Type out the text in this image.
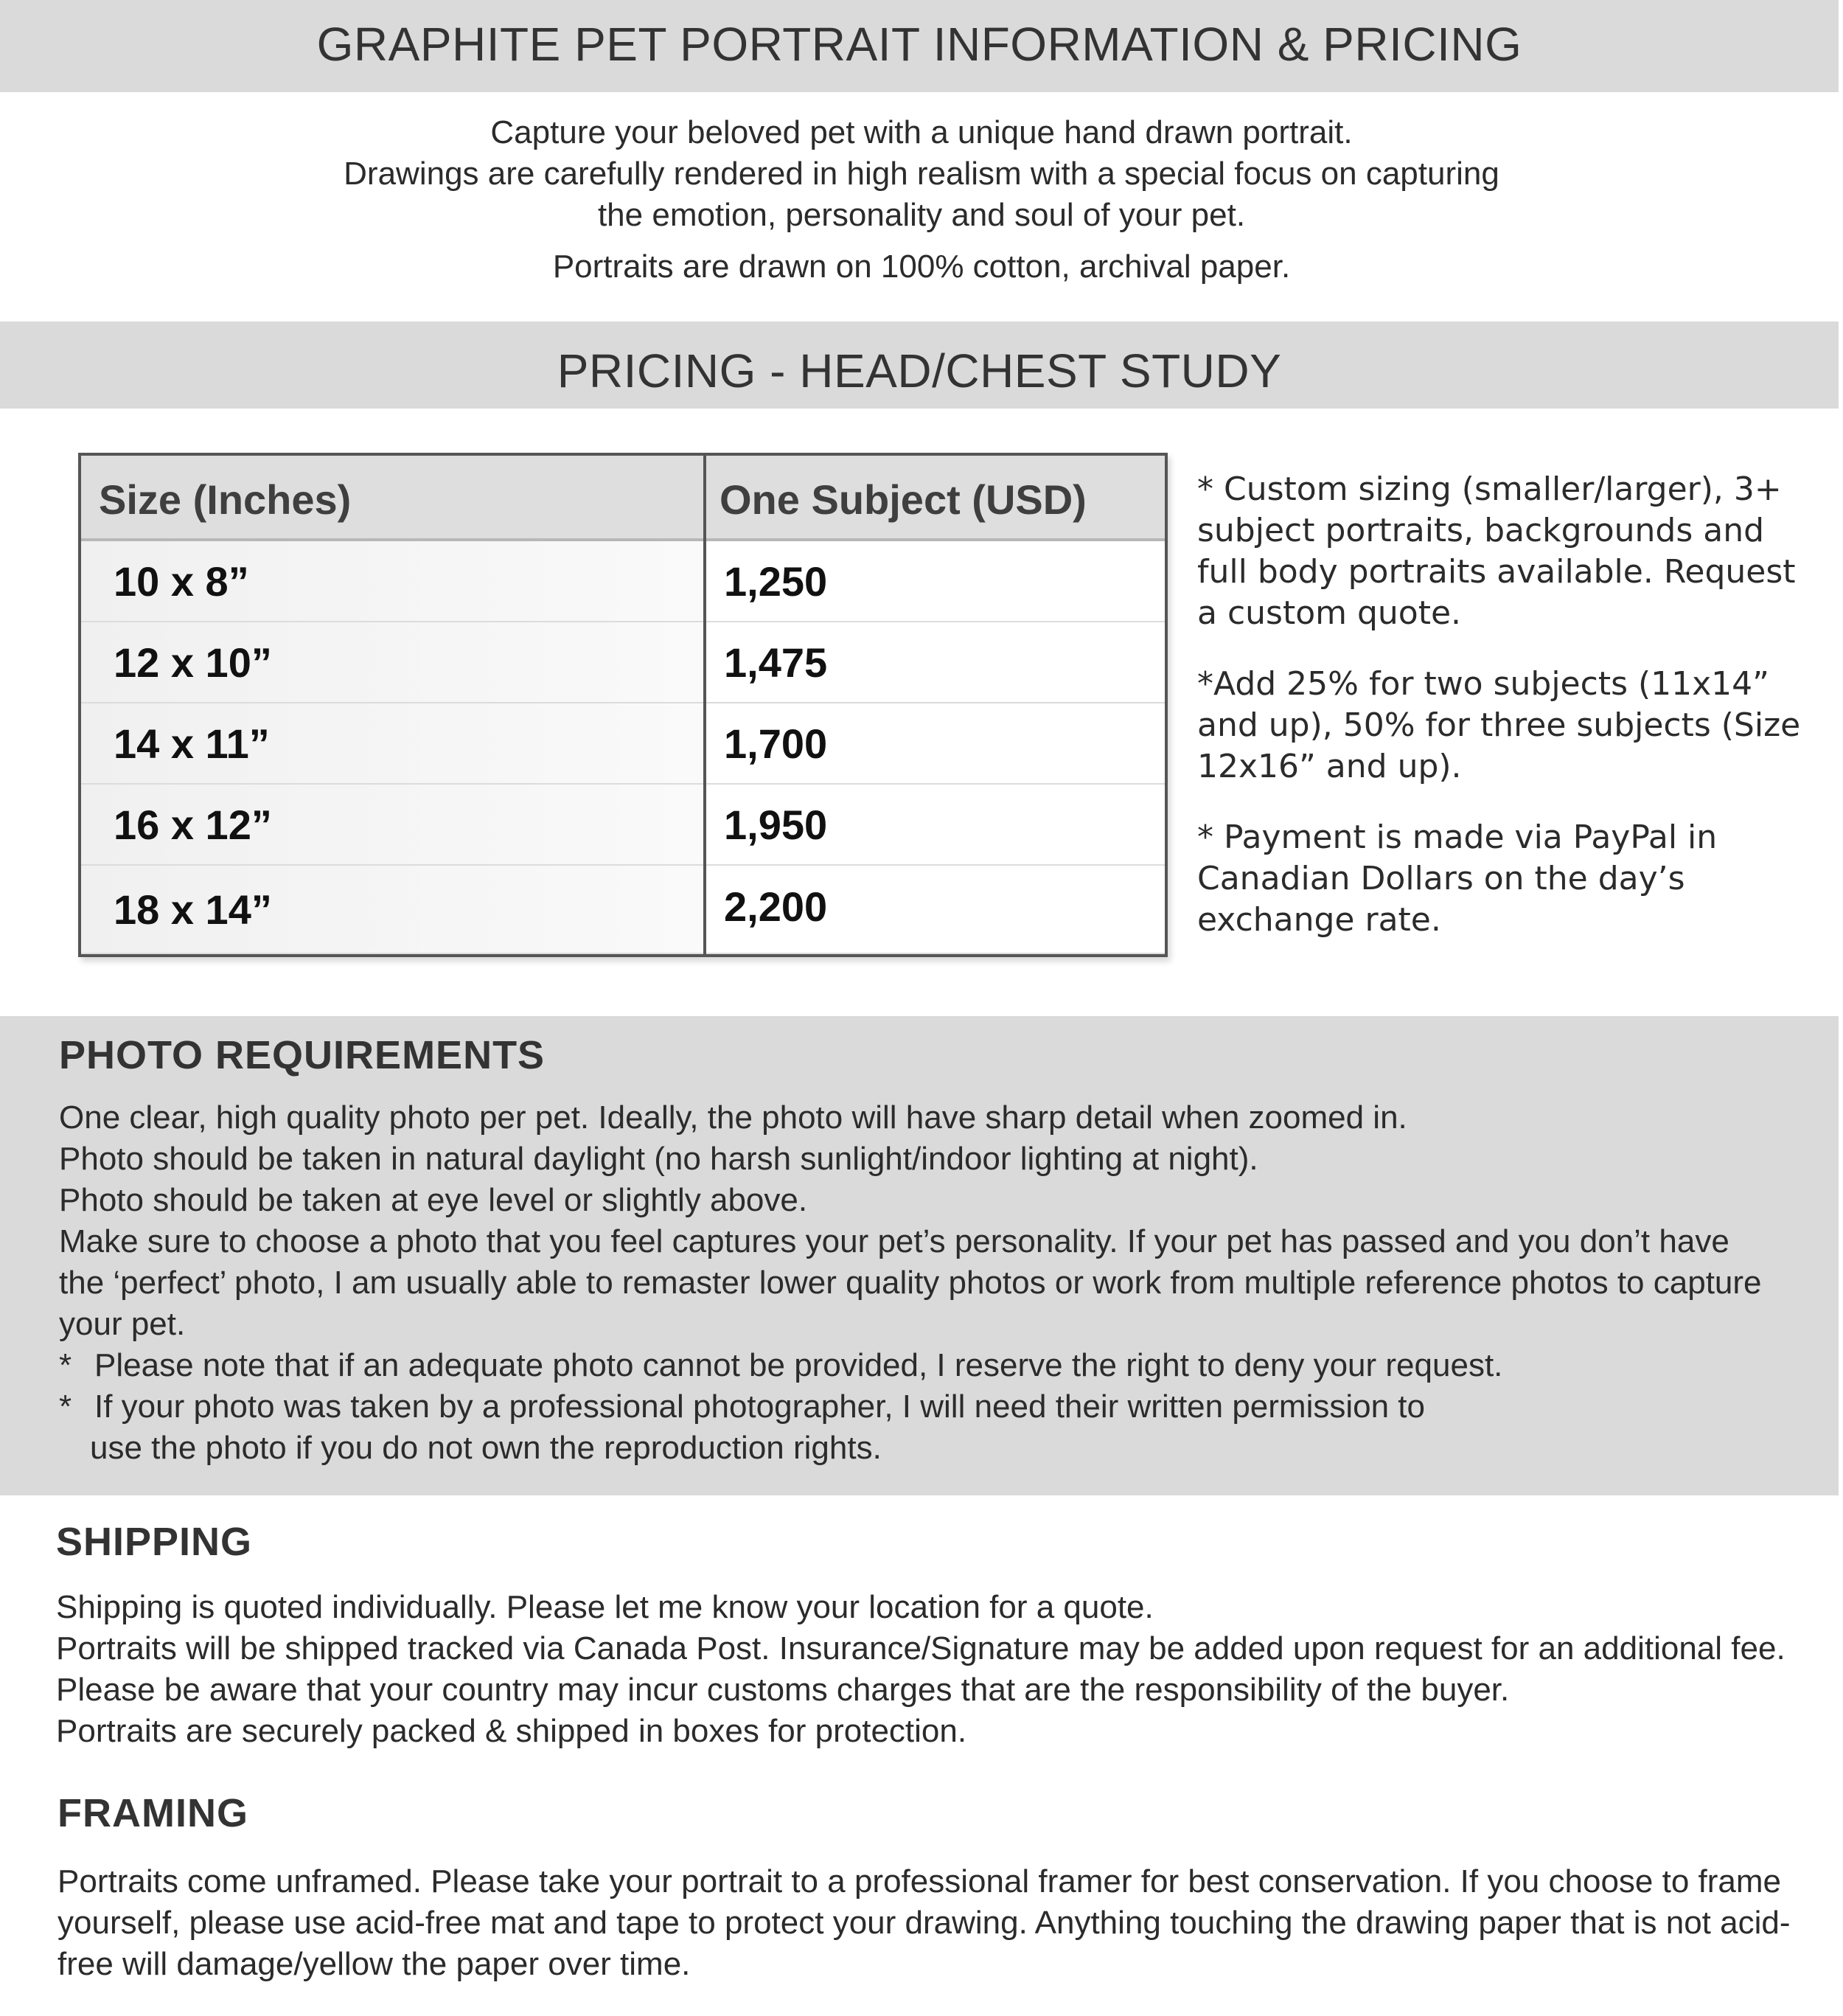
GRAPHITE PET PORTRAIT INFORMATION & PRICING

Capture your beloved pet with a unique hand drawn portrait.

Drawings are carefully rendered in high realism with a special focus on capturing

the emotion, personality and soul of your pet.

Portraits are drawn on 100% cotton, archival paper.

PRICING - HEAD/CHEST STUDY
Size (Inches)	One Subject (USD)
10 x 8”	1,250
12 x 10”	1,475
14 x 11”	1,700
16 x 12”	1,950
18 x 14”	2,200

* Custom sizing (smaller/larger), 3+ subject portraits, backgrounds and full body portraits available. Request a custom quote.

*Add 25% for two subjects (11x14” and up), 50% for three subjects (Size 12x16” and up).

* Payment is made via PayPal in Canadian Dollars on the day’s exchange rate.

PHOTO REQUIREMENTS

One clear, high quality photo per pet. Ideally, the photo will have sharp detail when zoomed in.

Photo should be taken in natural daylight (no harsh sunlight/indoor lighting at night).

Photo should be taken at eye level or slightly above.

Make sure to choose a photo that you feel captures your pet’s personality. If your pet has passed and you don’t have the ‘perfect’ photo, I am usually able to remaster lower quality photos or work from multiple reference photos to capture your pet.

* Please note that if an adequate photo cannot be provided, I reserve the right to deny your request.
* If your photo was taken by a professional photographer, I will need their written permission to

use the photo if you do not own the reproduction rights.

SHIPPING

Shipping is quoted individually. Please let me know your location for a quote.

Portraits will be shipped tracked via Canada Post. Insurance/Signature may be added upon request for an additional fee.

Please be aware that your country may incur customs charges that are the responsibility of the buyer.

Portraits are securely packed & shipped in boxes for protection.

FRAMING

Portraits come unframed. Please take your portrait to a professional framer for best conservation. If you choose to frame yourself, please use acid-free mat and tape to protect your drawing. Anything touching the drawing paper that is not acid-free will damage/yellow the paper over time.
